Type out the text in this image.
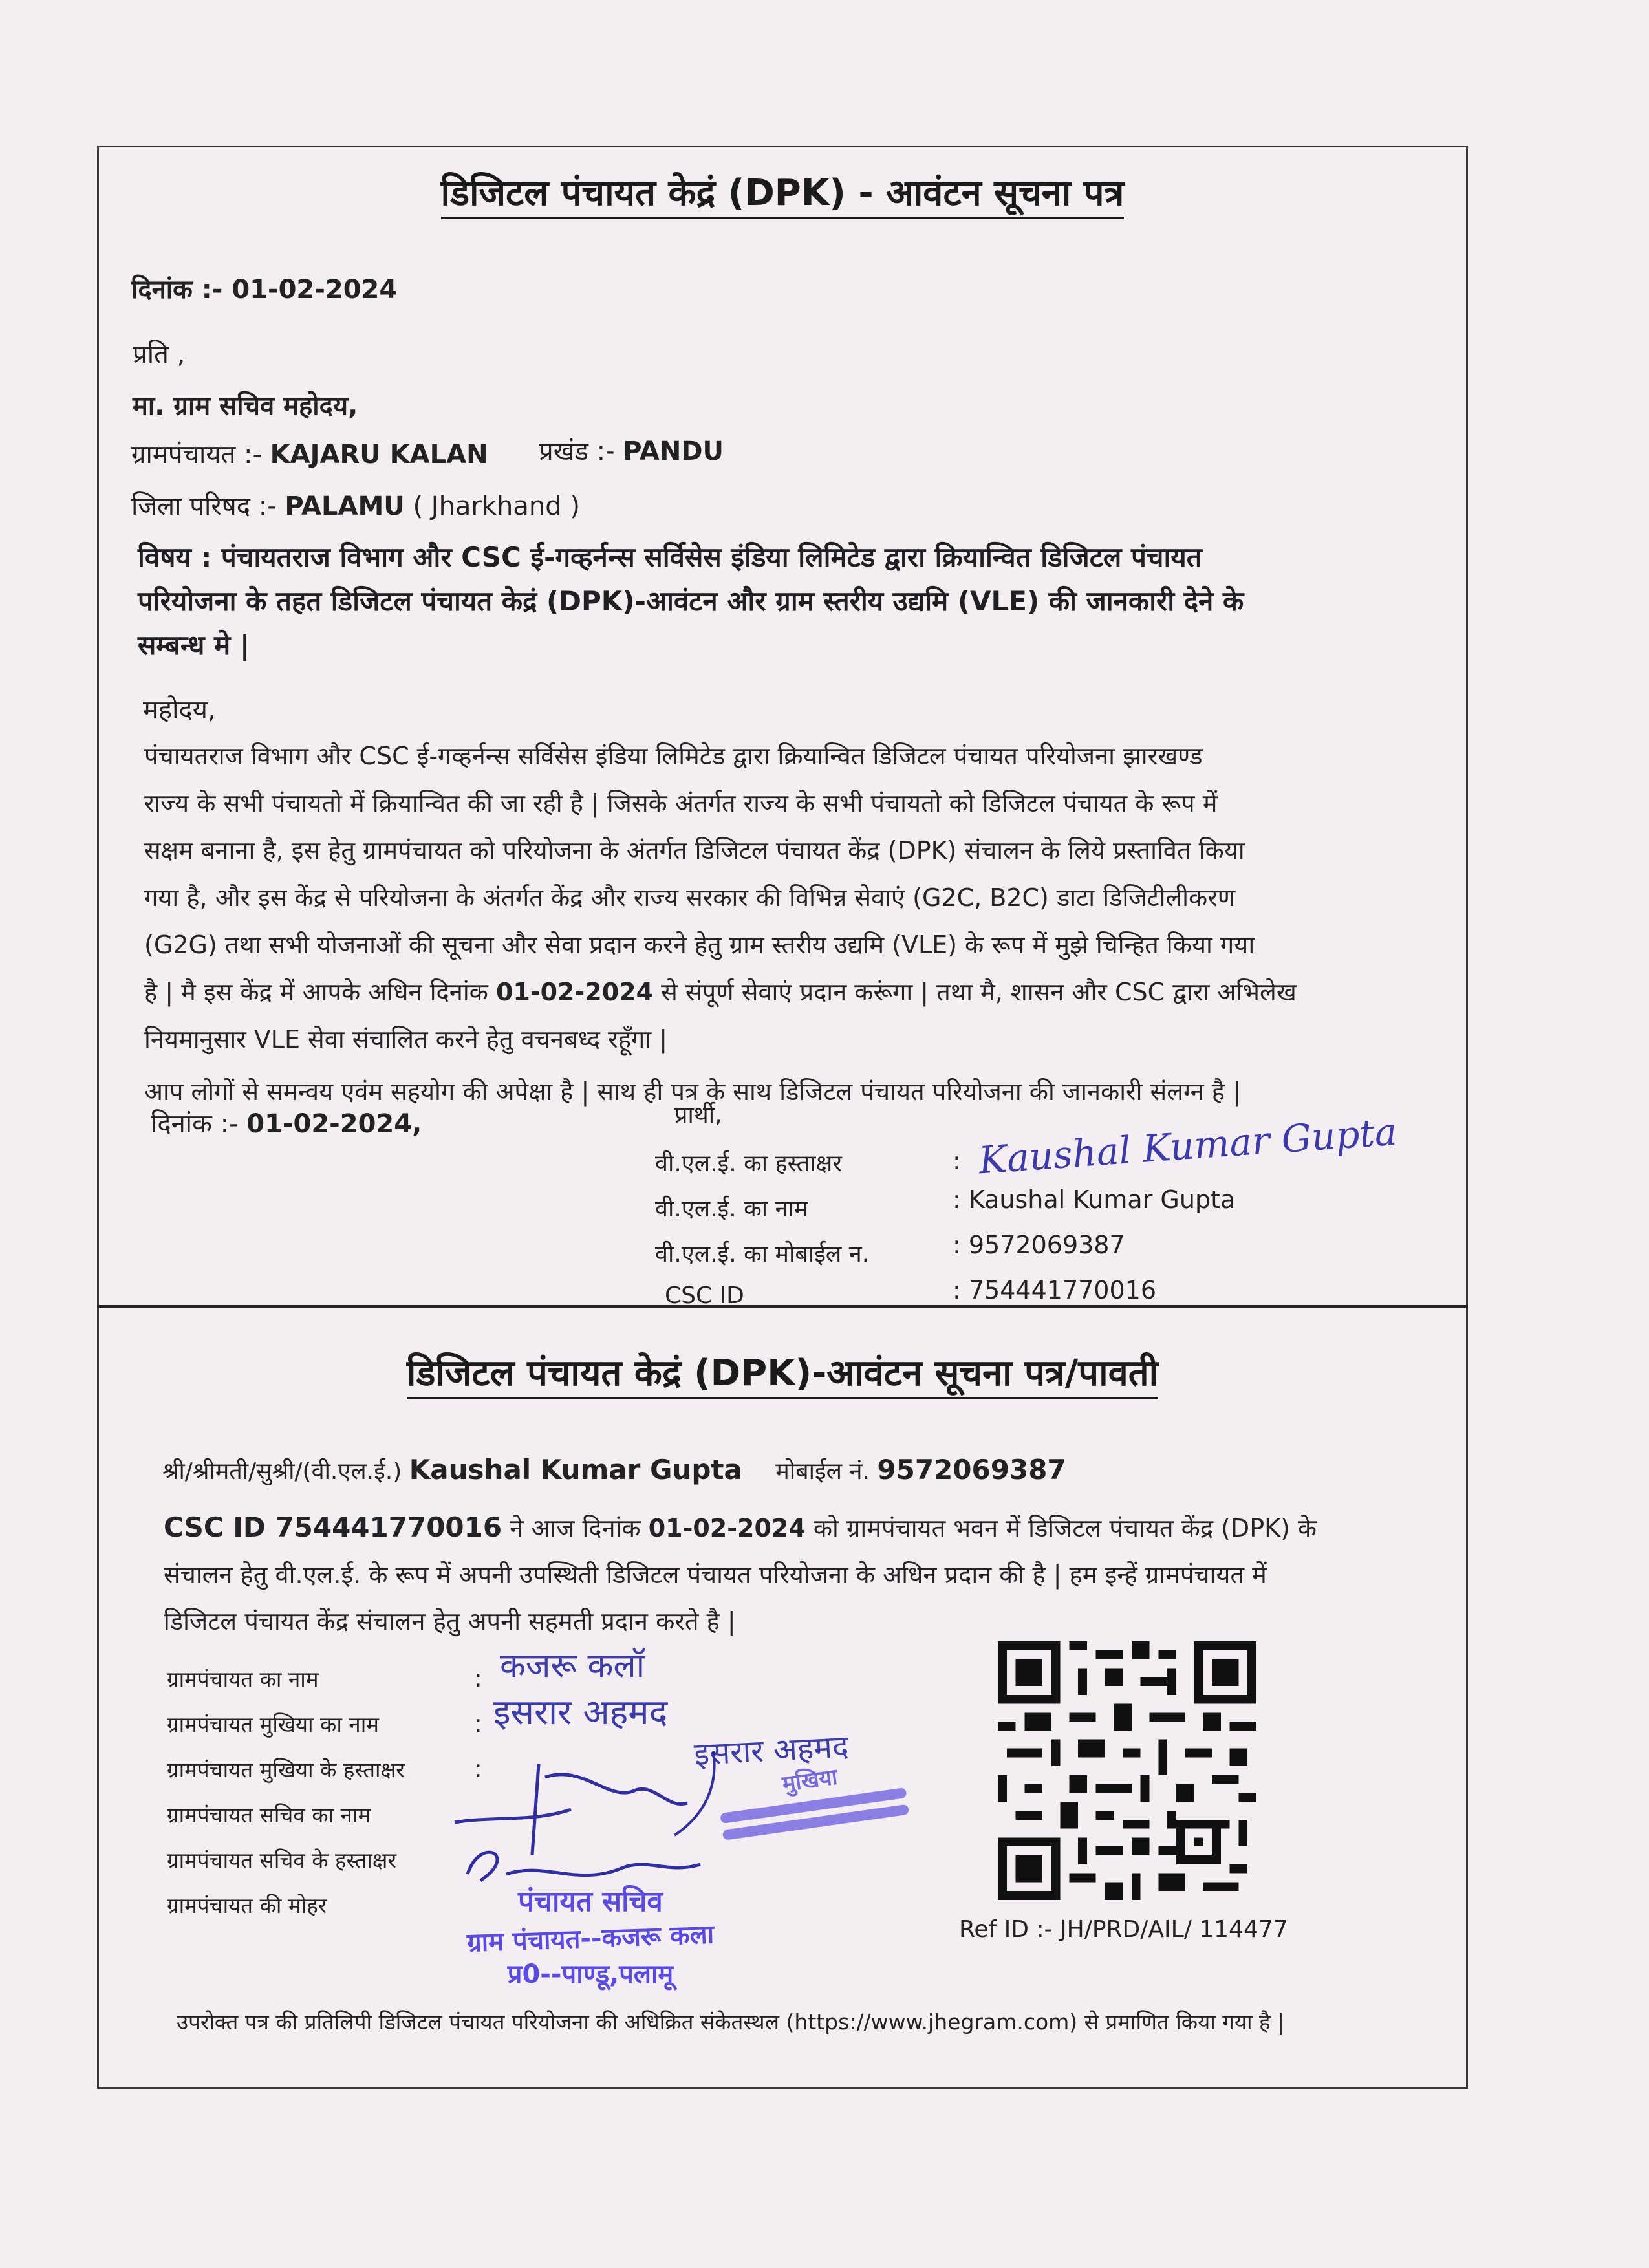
डिजिटल पंचायत केद्रं (DPK) - आवंटन सूचना पत्र
दिनांक :- 01-02-2024
प्रति ,
मा. ग्राम सचिव महोदय,
ग्रामपंचायत :- KAJARU KALAN प्रखंड :- PANDU
जिला परिषद :- PALAMU ( Jharkhand )
विषय : पंचायतराज विभाग और CSC ई-गव्हर्नन्स सर्विसेस इंडिया लिमिटेड द्वारा क्रियान्वित डिजिटल पंचायत
परियोजना के तहत डिजिटल पंचायत केद्रं (DPK)-आवंटन और ग्राम स्तरीय उद्यमि (VLE) की जानकारी देने के
सम्बन्ध मे |
महोदय,
पंचायतराज विभाग और CSC ई-गव्हर्नन्स सर्विसेस इंडिया लिमिटेड द्वारा क्रियान्वित डिजिटल पंचायत परियोजना झारखण्ड
राज्य के सभी पंचायतो में क्रियान्वित की जा रही है | जिसके अंतर्गत राज्य के सभी पंचायतो को डिजिटल पंचायत के रूप में
सक्षम बनाना है, इस हेतु ग्रामपंचायत को परियोजना के अंतर्गत डिजिटल पंचायत केंद्र (DPK) संचालन के लिये प्रस्तावित किया
गया है, और इस केंद्र से परियोजना के अंतर्गत केंद्र और राज्य सरकार की विभिन्न सेवाएं (G2C, B2C) डाटा डिजिटीलीकरण
(G2G) तथा सभी योजनाओं की सूचना और सेवा प्रदान करने हेतु ग्राम स्तरीय उद्यमि (VLE) के रूप में मुझे चिन्हित किया गया
है | मै इस केंद्र में आपके अधिन दिनांक 01-02-2024 से संपूर्ण सेवाएं प्रदान करूंगा | तथा मै, शासन और CSC द्वारा अभिलेख
नियमानुसार VLE सेवा संचालित करने हेतु वचनबध्द रहूँगा |
आप लोगों से समन्वय एवंम सहयोग की अपेक्षा है | साथ ही पत्र के साथ डिजिटल पंचायत परियोजना की जानकारी संलग्न है |
दिनांक :- 01-02-2024,	प्रार्थी,
वी.एल.ई. का हस्ताक्षर	: Kaushal Kumar Gupta
वी.एल.ई. का नाम	: Kaushal Kumar Gupta
वी.एल.ई. का मोबाईल न.	: 9572069387
CSC ID	: 754441770016
डिजिटल पंचायत केद्रं (DPK)-आवंटन सूचना पत्र/पावती
श्री/श्रीमती/सुश्री/(वी.एल.ई.) Kaushal Kumar Gupta मोबाईल नं. 9572069387
CSC ID 754441770016 ने आज दिनांक 01-02-2024 को ग्रामपंचायत भवन में डिजिटल पंचायत केंद्र (DPK) के
संचालन हेतु वी.एल.ई. के रूप में अपनी उपस्थिती डिजिटल पंचायत परियोजना के अधिन प्रदान की है | हम इन्हें ग्रामपंचायत में
डिजिटल पंचायत केंद्र संचालन हेतु अपनी सहमती प्रदान करते है |
ग्रामपंचायत का नाम	: कजरू कलॉ
ग्रामपंचायत मुखिया का नाम	: इसरार अहमद
ग्रामपंचायत मुखिया के हस्ताक्षर	:	इसरार अहमद
ग्रामपंचायत सचिव का नाम
ग्रामपंचायत सचिव के हस्ताक्षर
ग्रामपंचायत की मोहर
मुखिया
पंचायत सचिव
ग्राम पंचायत--कजरू कला
प्र0--पाण्डू,पलामू
Ref ID :- JH/PRD/AIL/ 114477
उपरोक्त पत्र की प्रतिलिपी डिजिटल पंचायत परियोजना की अधिक्रित संकेतस्थल (https://www.jhegram.com) से प्रमाणित किया गया है |
